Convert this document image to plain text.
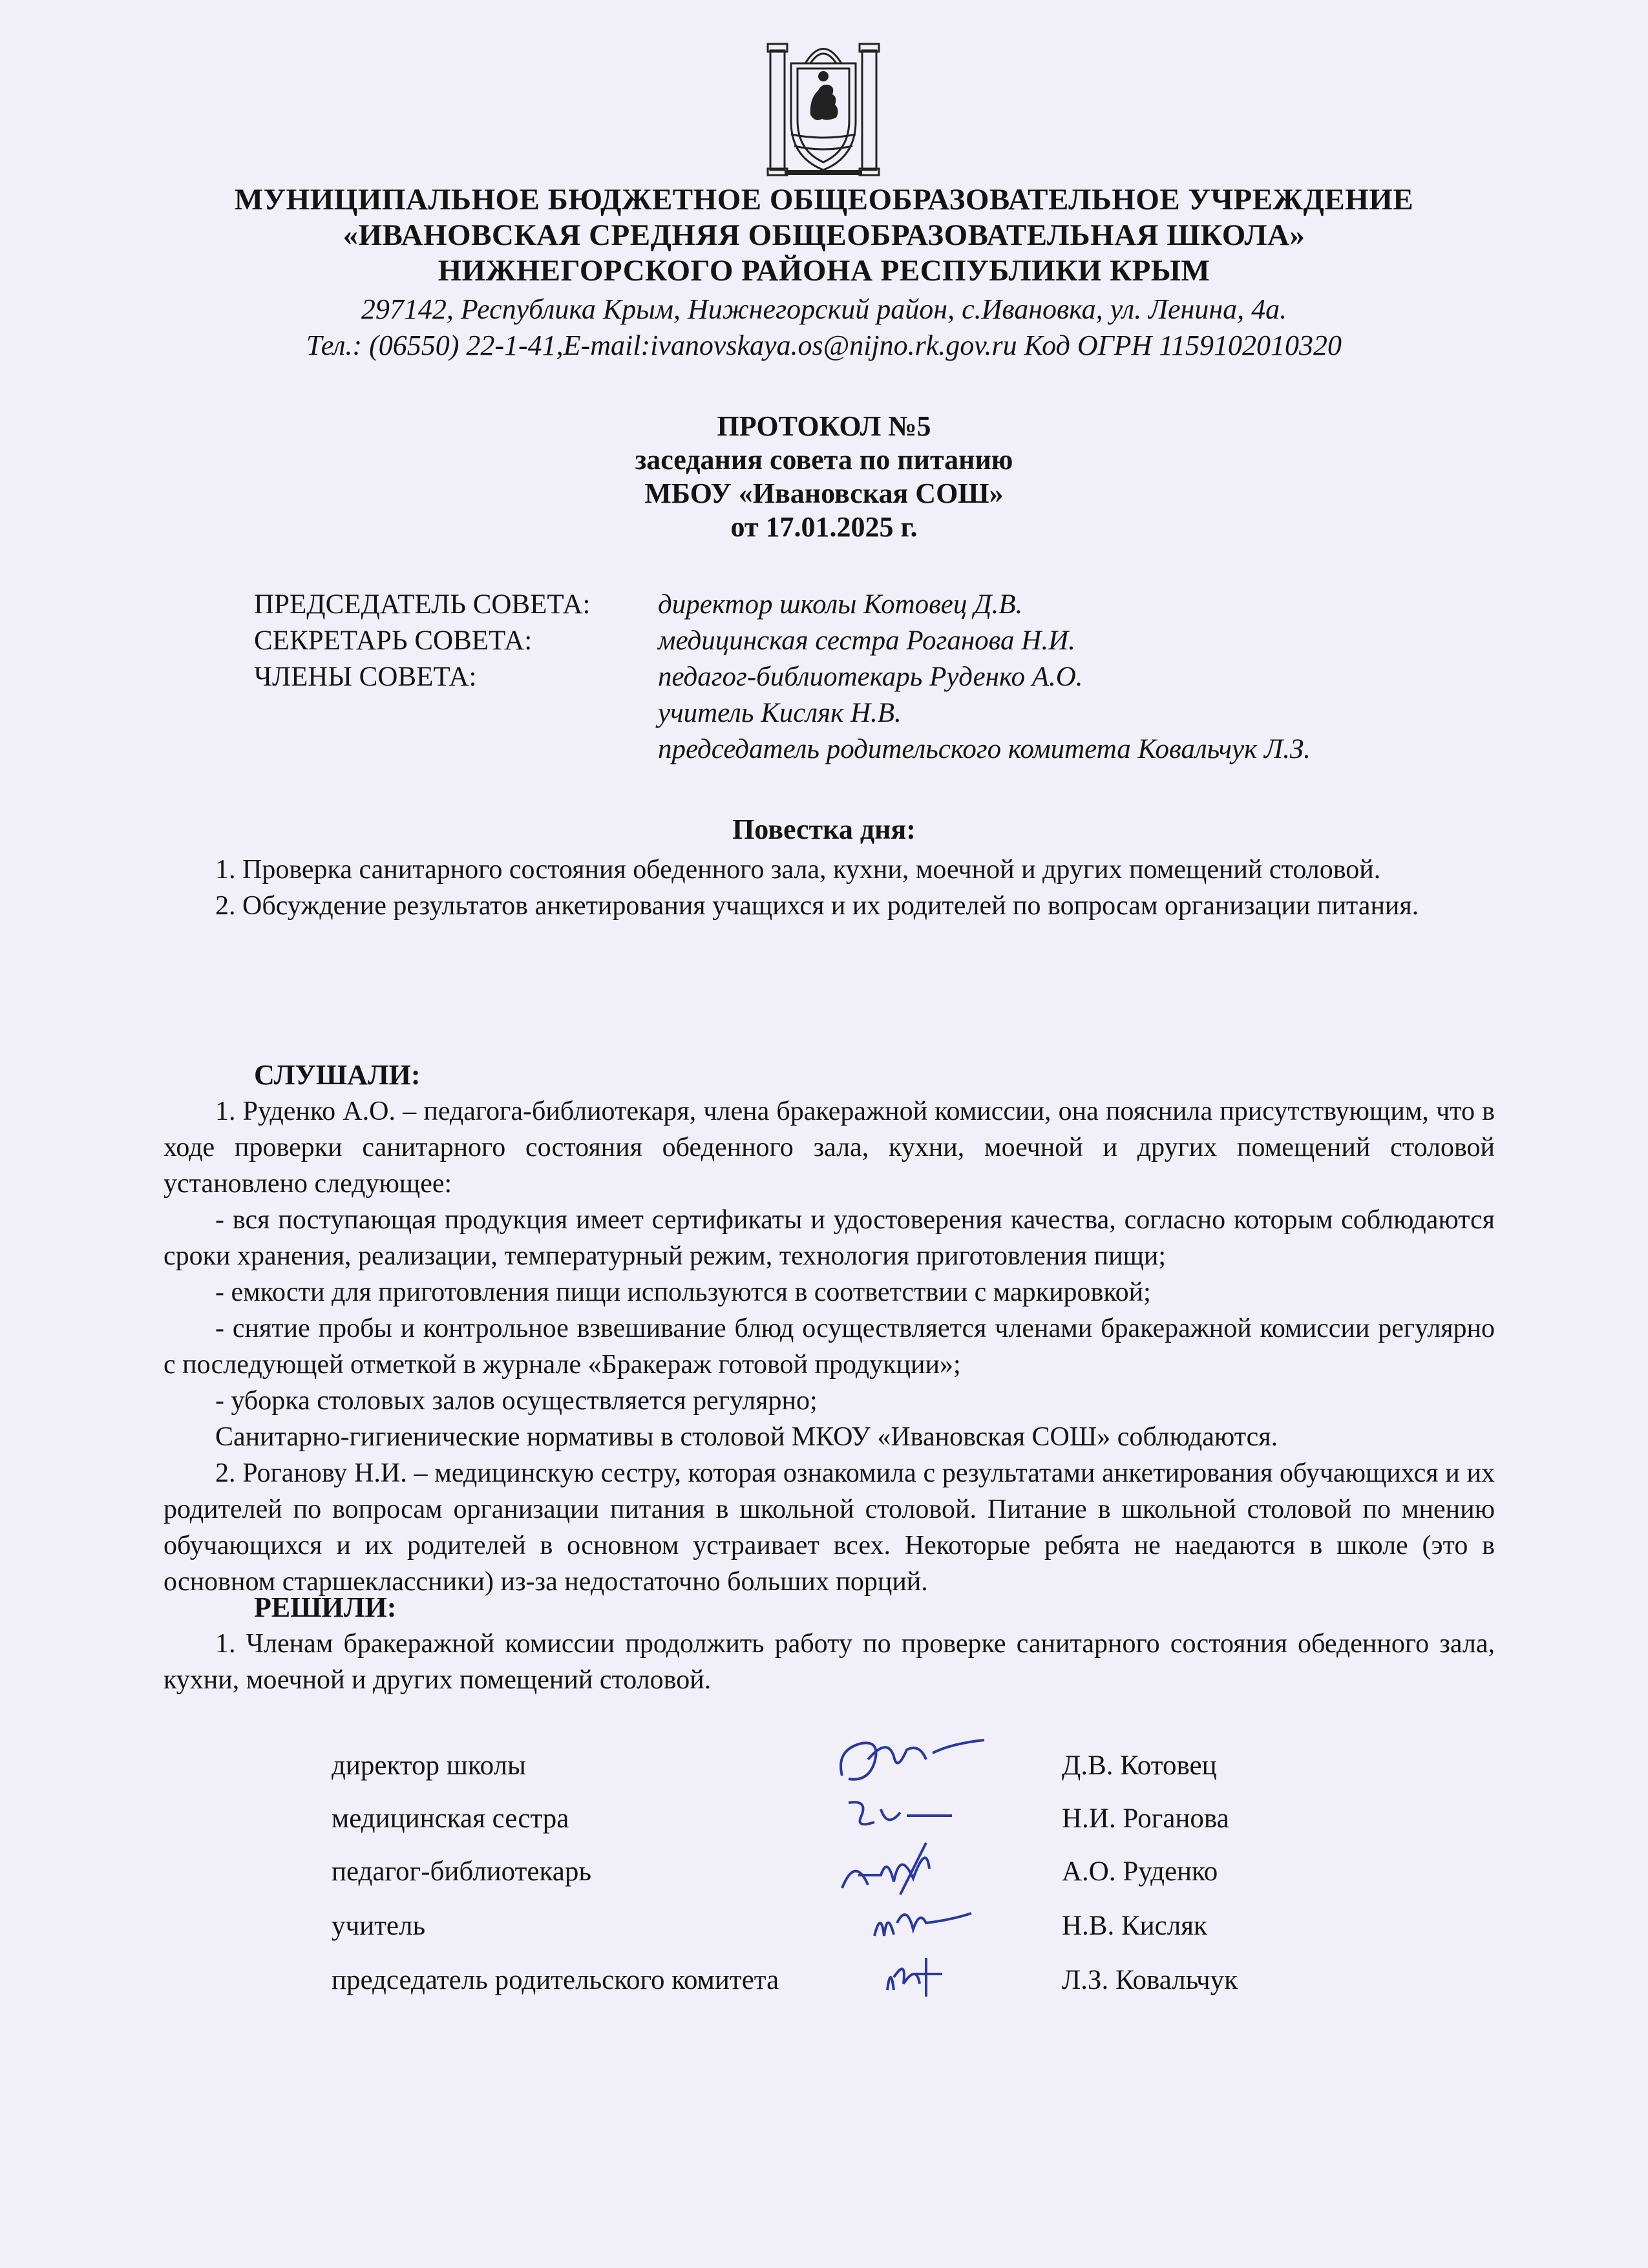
МУНИЦИПАЛЬНОЕ БЮДЖЕТНОЕ ОБЩЕОБРАЗОВАТЕЛЬНОЕ УЧРЕЖДЕНИЕ
«ИВАНОВСКАЯ СРЕДНЯЯ ОБЩЕОБРАЗОВАТЕЛЬНАЯ ШКОЛА»
НИЖНЕГОРСКОГО РАЙОНА РЕСПУБЛИКИ КРЫМ
297142, Республика Крым, Нижнегорский район, с.Ивановка, ул. Ленина, 4а.
Тел.: (06550) 22-1-41,E-mail:ivanovskaya.os@nijno.rk.gov.ru Код ОГРН 1159102010320
ПРОТОКОЛ №5
заседания совета по питанию
МБОУ «Ивановская СОШ»
от 17.01.2025 г.
ПРЕДСЕДАТЕЛЬ СОВЕТА: директор школы Котовец Д.В.
СЕКРЕТАРЬ СОВЕТА:	медицинская сестра Роганова Н.И.
ЧЛЕНЫ СОВЕТА:	педагог-библиотекарь Руденко А.О.
учитель Кисляк Н.В.
председатель родительского комитета Ковальчук Л.З.
Повестка дня:

1. Проверка санитарного состояния обеденного зала, кухни, моечной и других помещений столовой.

2. Обсуждение результатов анкетирования учащихся и их родителей по вопросам организации питания.

СЛУШАЛИ:

1. Руденко А.О. – педагога-библиотекаря, члена бракеражной комиссии, она пояснила присутствующим, что в ходе проверки санитарного состояния обеденного зала, кухни, моечной и других помещений столовой установлено следующее:

- вся поступающая продукция имеет сертификаты и удостоверения качества, согласно которым соблюдаются сроки хранения, реализации, температурный режим, технология приготовления пищи;

- емкости для приготовления пищи используются в соответствии с маркировкой;

- снятие пробы и контрольное взвешивание блюд осуществляется членами бракеражной комиссии регулярно с последующей отметкой в журнале «Бракераж готовой продукции»;

- уборка столовых залов осуществляется регулярно;

Санитарно-гигиенические нормативы в столовой МКОУ «Ивановская СОШ» соблюдаются.

2. Роганову Н.И. – медицинскую сестру, которая ознакомила с результатами анкетирования обучающихся и их родителей по вопросам организации питания в школьной столовой. Питание в школьной столовой по мнению обучающихся и их родителей в основном устраивает всех. Некоторые ребята не наедаются в школе (это в основном старшеклассники) из-за недостаточно больших порций.

РЕШИЛИ:

1. Членам бракеражной комиссии продолжить работу по проверке санитарного состояния обеденного зала, кухни, моечной и других помещений столовой.

директор школы	Д.В. Котовец
медицинская сестра	Н.И. Роганова
педагог-библиотекарь	А.О. Руденко
учитель	Н.В. Кисляк
председатель родительского комитета	Л.З. Ковальчук
